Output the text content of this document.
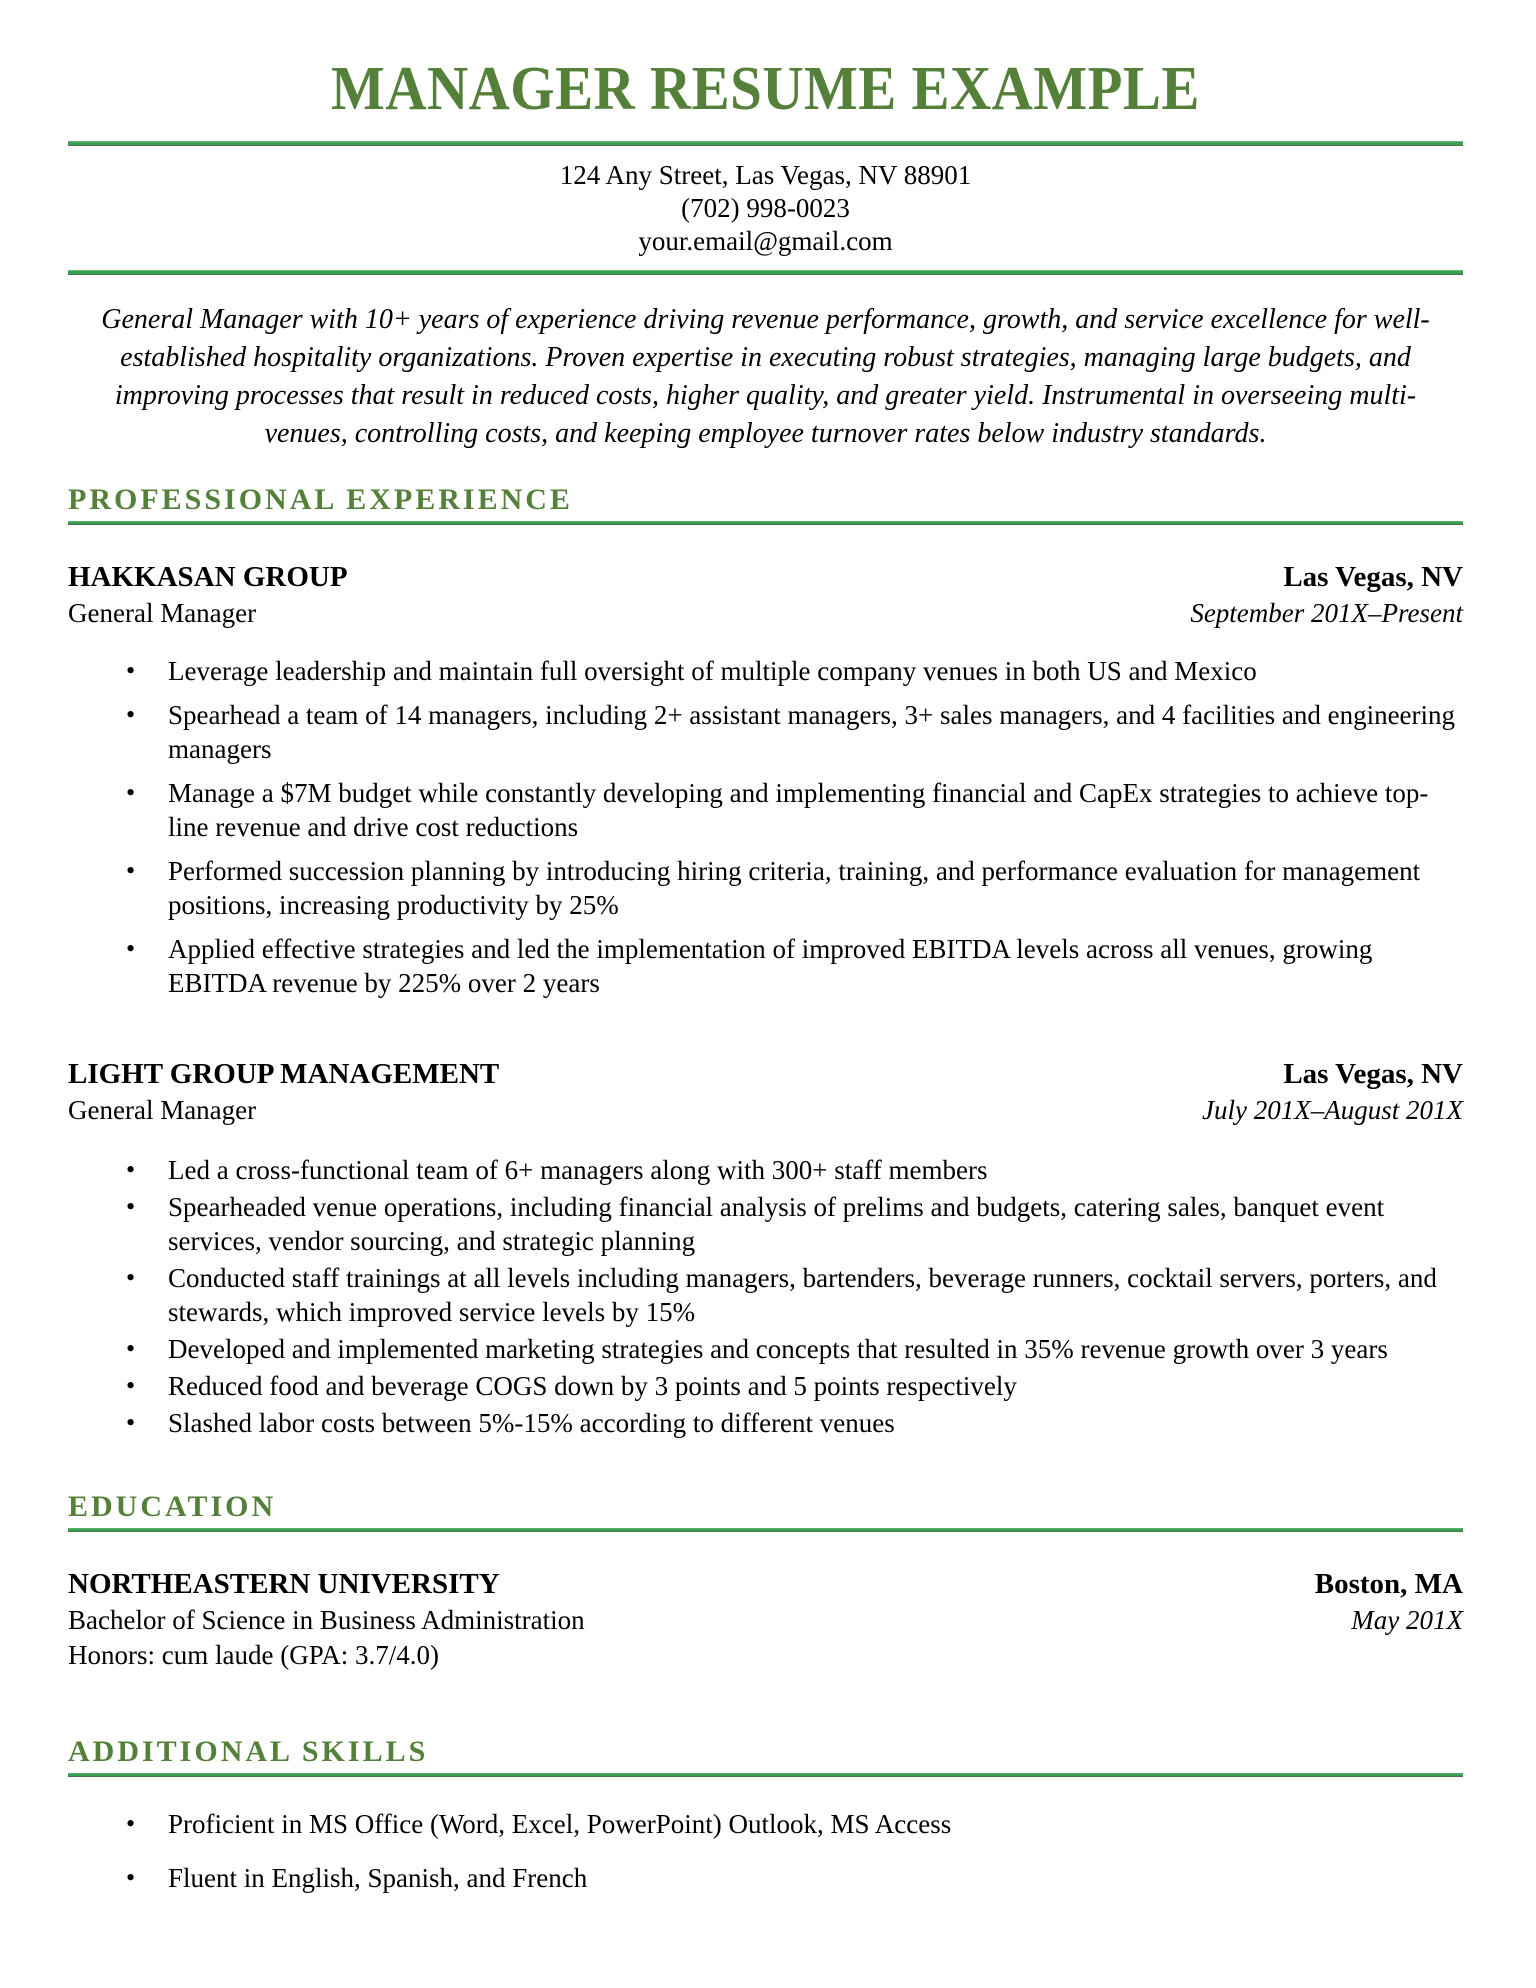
MANAGER RESUME EXAMPLE
124 Any Street, Las Vegas, NV 88901
(702) 998-0023
your.email@gmail.com
General Manager with 10+ years of experience driving revenue performance, growth, and service excellence for well-
established hospitality organizations. Proven expertise in executing robust strategies, managing large budgets, and
improving processes that result in reduced costs, higher quality, and greater yield. Instrumental in overseeing multi-
venues, controlling costs, and keeping employee turnover rates below industry standards.
PROFESSIONAL EXPERIENCE
HAKKASAN GROUP
General Manager
Las Vegas, NV
September 201X–Present
• Leverage leadership and maintain full oversight of multiple company venues in both US and Mexico
• Spearhead a team of 14 managers, including 2+ assistant managers, 3+ sales managers, and 4 facilities and engineering managers
• Manage a $7M budget while constantly developing and implementing financial and CapEx strategies to achieve top-line revenue and drive cost reductions
• Performed succession planning by introducing hiring criteria, training, and performance evaluation for management positions, increasing productivity by 25%
• Applied effective strategies and led the implementation of improved EBITDA levels across all venues, growing EBITDA revenue by 225% over 2 years
LIGHT GROUP MANAGEMENT
General Manager
Las Vegas, NV
July 201X–August 201X
• Led a cross-functional team of 6+ managers along with 300+ staff members
• Spearheaded venue operations, including financial analysis of prelims and budgets, catering sales, banquet event services, vendor sourcing, and strategic planning
• Conducted staff trainings at all levels including managers, bartenders, beverage runners, cocktail servers, porters, and stewards, which improved service levels by 15%
• Developed and implemented marketing strategies and concepts that resulted in 35% revenue growth over 3 years
• Reduced food and beverage COGS down by 3 points and 5 points respectively
• Slashed labor costs between 5%-15% according to different venues
EDUCATION
NORTHEASTERN UNIVERSITY
Bachelor of Science in Business Administration
Honors: cum laude (GPA: 3.7/4.0)
Boston, MA
May 201X
ADDITIONAL SKILLS
• Proficient in MS Office (Word, Excel, PowerPoint) Outlook, MS Access
• Fluent in English, Spanish, and French
